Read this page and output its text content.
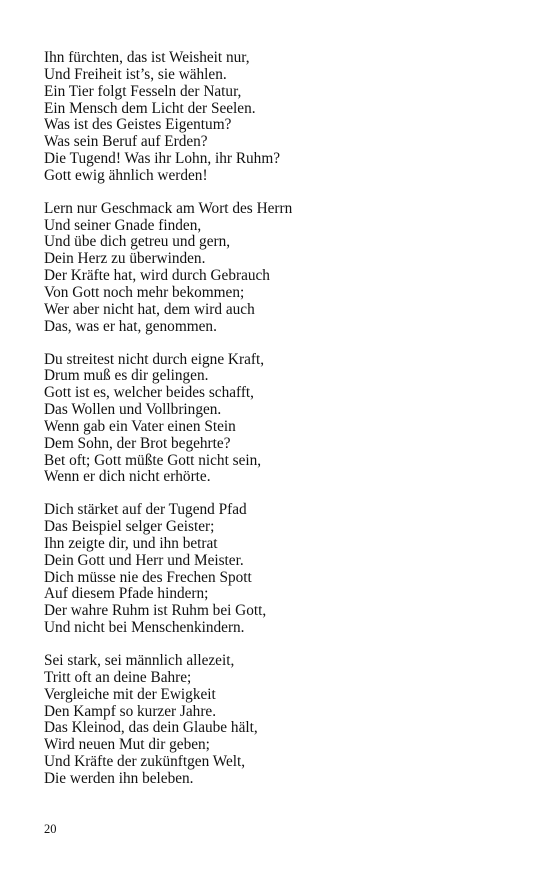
Ihn fürchten, das ist Weisheit nur,
Und Freiheit ist’s, sie wählen.
Ein Tier folgt Fesseln der Natur,
Ein Mensch dem Licht der Seelen.
Was ist des Geistes Eigentum?
Was sein Beruf auf Erden?
Die Tugend! Was ihr Lohn, ihr Ruhm?
Gott ewig ähnlich werden!
Lern nur Geschmack am Wort des Herrn
Und seiner Gnade finden,
Und übe dich getreu und gern,
Dein Herz zu überwinden.
Der Kräfte hat, wird durch Gebrauch
Von Gott noch mehr bekommen;
Wer aber nicht hat, dem wird auch
Das, was er hat, genommen.
Du streitest nicht durch eigne Kraft,
Drum muß es dir gelingen.
Gott ist es, welcher beides schafft,
Das Wollen und Vollbringen.
Wenn gab ein Vater einen Stein
Dem Sohn, der Brot begehrte?
Bet oft; Gott müßte Gott nicht sein,
Wenn er dich nicht erhörte.
Dich stärket auf der Tugend Pfad
Das Beispiel selger Geister;
Ihn zeigte dir, und ihn betrat
Dein Gott und Herr und Meister.
Dich müsse nie des Frechen Spott
Auf diesem Pfade hindern;
Der wahre Ruhm ist Ruhm bei Gott,
Und nicht bei Menschenkindern.
Sei stark, sei männlich allezeit,
Tritt oft an deine Bahre;
Vergleiche mit der Ewigkeit
Den Kampf so kurzer Jahre.
Das Kleinod, das dein Glaube hält,
Wird neuen Mut dir geben;
Und Kräfte der zukünftgen Welt,
Die werden ihn beleben.
20
